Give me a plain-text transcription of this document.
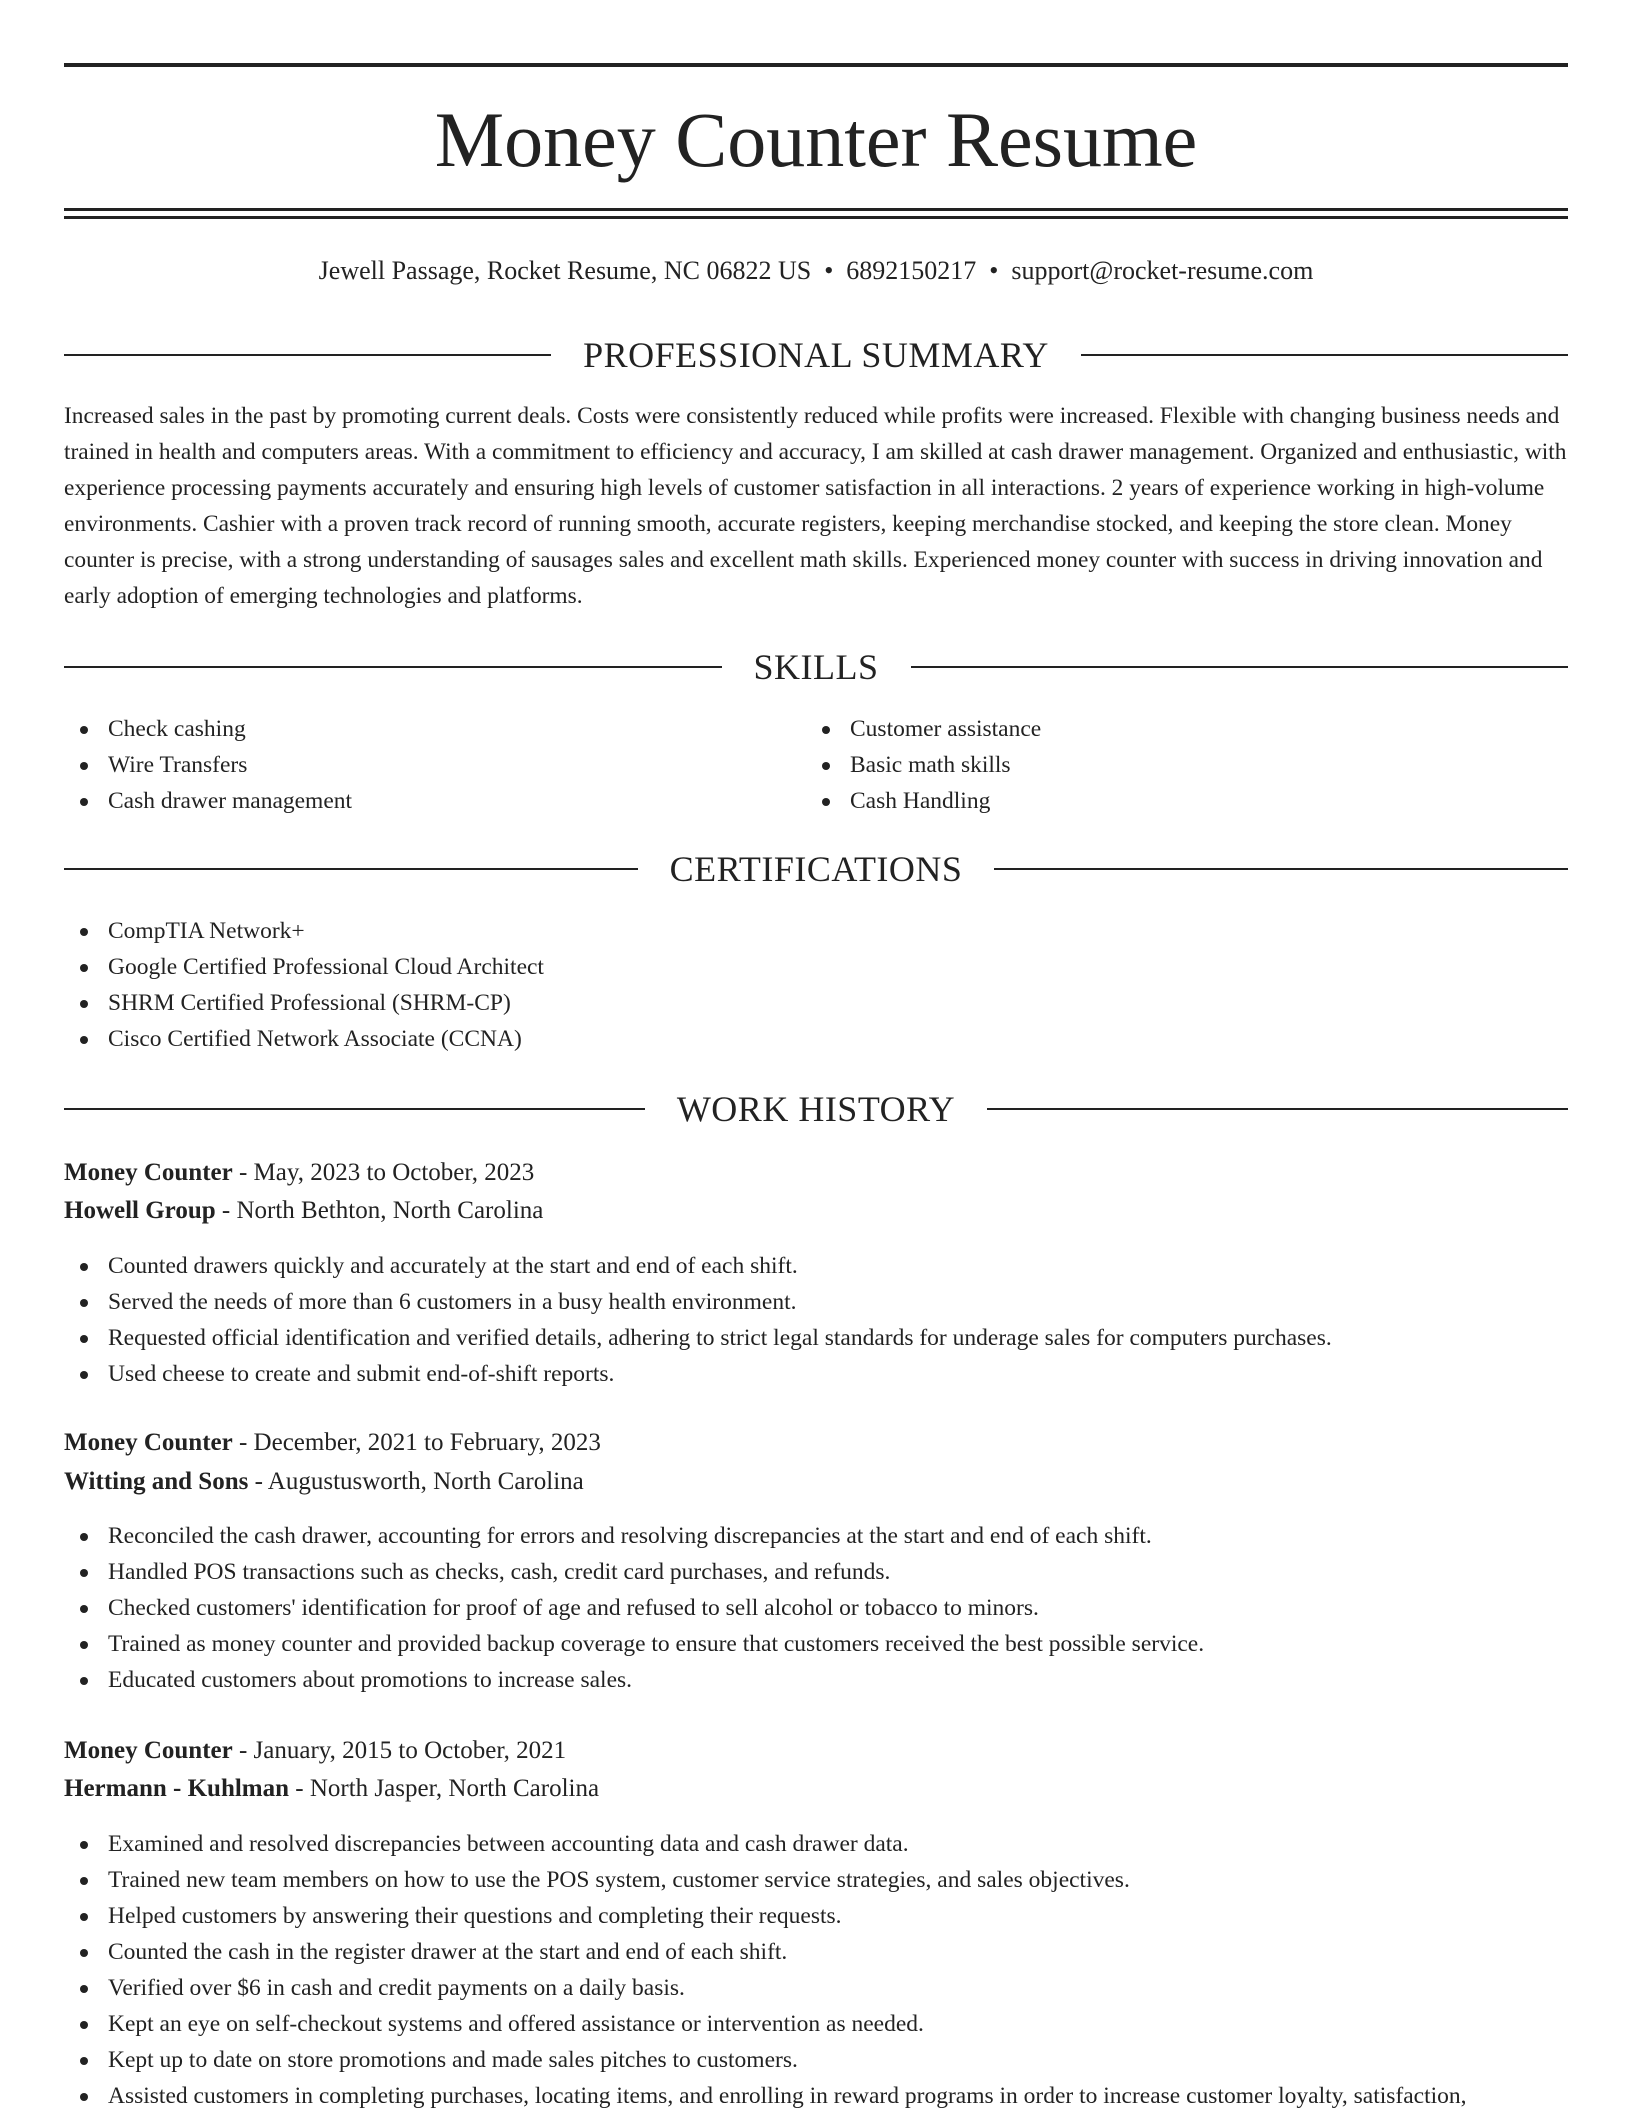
Money Counter Resume
Jewell Passage, Rocket Resume, NC 06822 US • 6892150217 • support@rocket-resume.com
PROFESSIONAL SUMMARY

Increased sales in the past by promoting current deals. Costs were consistently reduced while profits were increased. Flexible with changing business needs and trained in health and computers areas. With a commitment to efficiency and accuracy, I am skilled at cash drawer management. Organized and enthusiastic, with experience processing payments accurately and ensuring high levels of customer satisfaction in all interactions. 2 years of experience working in high-volume environments. Cashier with a proven track record of running smooth, accurate registers, keeping merchandise stocked, and keeping the store clean. Money counter is precise, with a strong understanding of sausages sales and excellent math skills. Experienced money counter with success in driving innovation and early adoption of emerging technologies and platforms.

SKILLS
Check cashing
Wire Transfers
Cash drawer management
Customer assistance
Basic math skills
Cash Handling
CERTIFICATIONS
CompTIA Network+
Google Certified Professional Cloud Architect
SHRM Certified Professional (SHRM-CP)
Cisco Certified Network Associate (CCNA)
WORK HISTORY
Money Counter - May, 2023 to October, 2023
Howell Group - North Bethton, North Carolina
Counted drawers quickly and accurately at the start and end of each shift.
Served the needs of more than 6 customers in a busy health environment.
Requested official identification and verified details, adhering to strict legal standards for underage sales for computers purchases.
Used cheese to create and submit end-of-shift reports.
Money Counter - December, 2021 to February, 2023
Witting and Sons - Augustusworth, North Carolina
Reconciled the cash drawer, accounting for errors and resolving discrepancies at the start and end of each shift.
Handled POS transactions such as checks, cash, credit card purchases, and refunds.
Checked customers' identification for proof of age and refused to sell alcohol or tobacco to minors.
Trained as money counter and provided backup coverage to ensure that customers received the best possible service.
Educated customers about promotions to increase sales.
Money Counter - January, 2015 to October, 2021
Hermann - Kuhlman - North Jasper, North Carolina
Examined and resolved discrepancies between accounting data and cash drawer data.
Trained new team members on how to use the POS system, customer service strategies, and sales objectives.
Helped customers by answering their questions and completing their requests.
Counted the cash in the register drawer at the start and end of each shift.
Verified over $6 in cash and credit payments on a daily basis.
Kept an eye on self-checkout systems and offered assistance or intervention as needed.
Kept up to date on store promotions and made sales pitches to customers.
Assisted customers in completing purchases, locating items, and enrolling in reward programs in order to increase customer loyalty, satisfaction,
